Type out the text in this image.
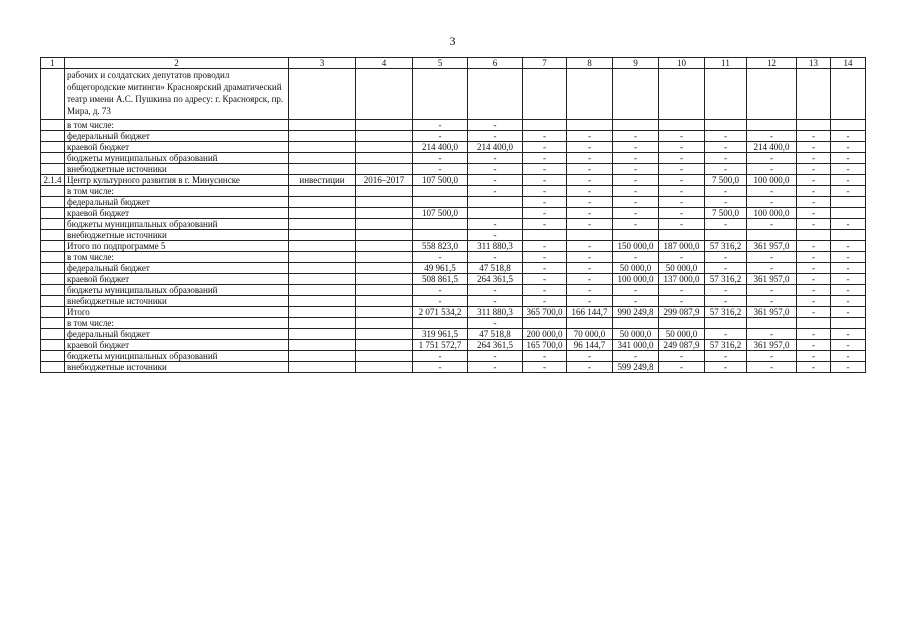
3
1	2	3	4	5	6	7	8	9	10	11	12	13	14
	рабочих и солдатских депутатов проводил общегородские митинги» Красноярский драматический театр имени А.С. Пушкина по адресу: г. Красноярск, пр. Мира, д. 73												
	в том числе:			-	-								
	федеральный бюджет			-	-	-	-	-	-	-	-	-	-
	краевой бюджет			214 400,0	214 400,0	-	-	-	-	-	214 400,0	-	-
	бюджеты муниципальных образований			-	-	-	-	-	-	-	-	-	-
	внебюджетные источники			-	-	-	-	-	-	-	-	-	-
2.1.4	Центр культурного развития в г. Минусинске	инвестиции	2016–2017	107 500,0	-	-	-	-	-	7 500,0	100 000,0	-	-
	в том числе:				-	-	-	-	-	-	-	-	-
	федеральный бюджет					-	-	-	-	-	-	-	
	краевой бюджет			107 500,0		-	-	-	-	7 500,0	100 000,0	-	
	бюджеты муниципальных образований				-	-	-	-	-	-	-	-	-
	внебюджетные источники				-								
	Итого по подпрограмме 5			558 823,0	311 880,3	-	-	150 000,0	187 000,0	57 316,2	361 957,0	-	-
	в том числе:			-	-	-	-	-	-	-	-	-	-
	федеральный бюджет			49 961,5	47 518,8	-	-	50 000,0	50 000,0	-	-	-	-
	краевой бюджет			508 861,5	264 361,5	-	-	100 000,0	137 000,0	57 316,2	361 957,0	-	-
	бюджеты муниципальных образований			-	-	-	-	-	-	-	-	-	-
	внебюджетные источники			-	-	-	-	-	-	-	-	-	-
	Итого			2 071 534,2	311 880,3	365 700,0	166 144,7	990 249,8	299 087,9	57 316,2	361 957,0	-	-
	в том числе:				-								
	федеральный бюджет			319 961,5	47 518,8	200 000,0	70 000,0	50 000,0	50 000,0	-	-	-	-
	краевой бюджет			1 751 572,7	264 361,5	165 700,0	96 144,7	341 000,0	249 087,9	57 316,2	361 957,0	-	-
	бюджеты муниципальных образований			-	-	-	-	-	-	-	-	-	-
	внебюджетные источники			-	-	-	-	599 249,8	-	-	-	-	-
